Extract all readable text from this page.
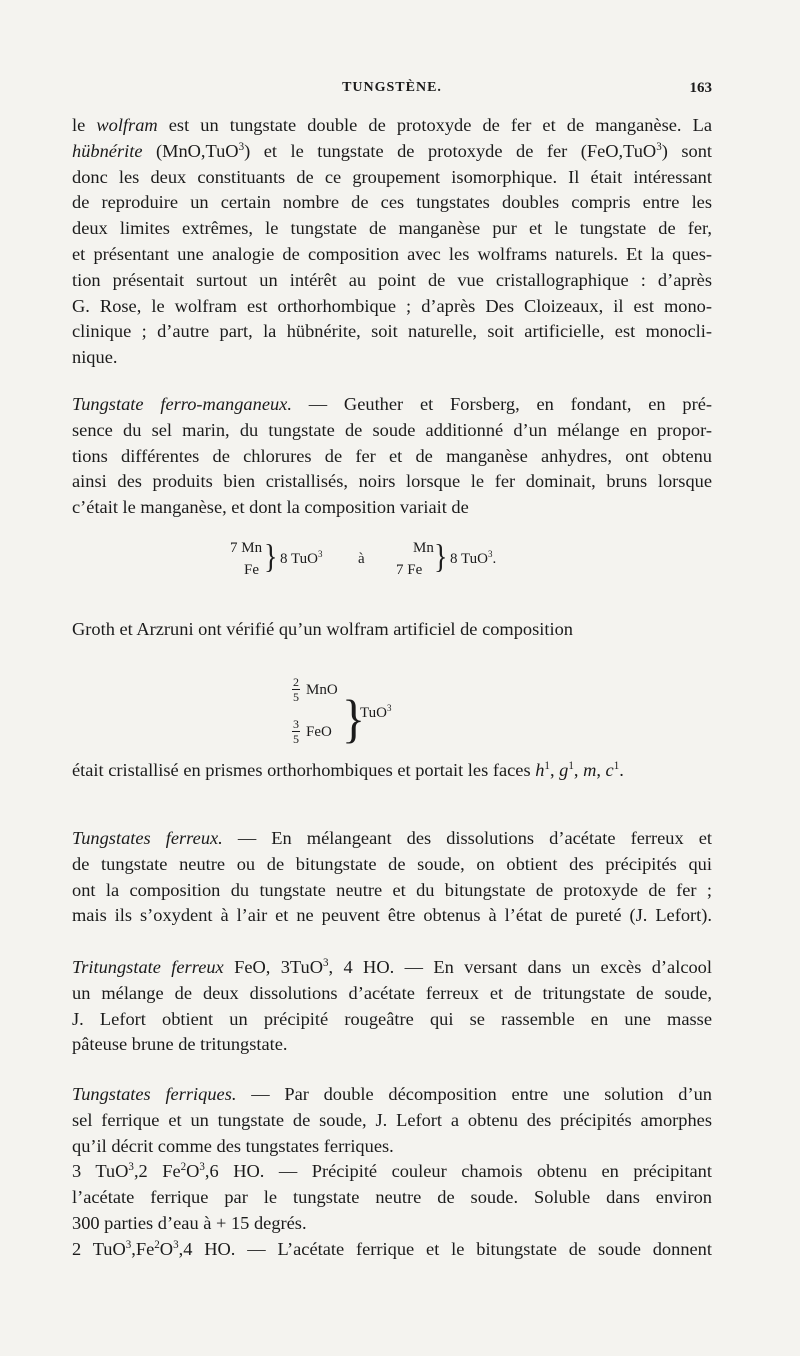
TUNGSTÈNE.	163
le wolfram est un tungstate double de protoxyde de fer et de manganèse. La
hübnérite (MnO,TuO$^3$) et le tungstate de protoxyde de fer (FeO,TuO$^3$) sont
donc les deux constituants de ce groupement isomorphique. Il était intéressant
de reproduire un certain nombre de ces tungstates doubles compris entre les
deux limites extrêmes, le tungstate de manganèse pur et le tungstate de fer,
et présentant une analogie de composition avec les wolframs naturels. Et la ques-
tion présentait surtout un intérêt au point de vue cristallographique : d’après
G. Rose, le wolfram est orthorhombique ; d’après Des Cloizeaux, il est mono-
clinique ; d’autre part, la hübnérite, soit naturelle, soit artificielle, est monocli-
nique.
Tungstate ferro-manganeux. — Geuther et Forsberg, en fondant, en pré-
sence du sel marin, du tungstate de soude additionné d’un mélange en propor-
tions différentes de chlorures de fer et de manganèse anhydres, ont obtenu
ainsi des produits bien cristallisés, noirs lorsque le fer dominait, bruns lorsque
c’était le manganèse, et dont la composition variait de
7 Mn
Fe } 8 TuO$^3$ à
Mn
7 Fe } 8 TuO$^3$.
Groth et Arzruni ont vérifié qu’un wolfram artificiel de composition
2
5 MnO
3
5 FeO }
TuO$^3$
était cristallisé en prismes orthorhombiques et portait les faces $h^1$, $g^1$, m, $c^1$.
Tungstates ferreux. — En mélangeant des dissolutions d’acétate ferreux et
de tungstate neutre ou de bitungstate de soude, on obtient des précipités qui
ont la composition du tungstate neutre et du bitungstate de protoxyde de fer ;
mais ils s’oxydent à l’air et ne peuvent être obtenus à l’état de pureté (J. Lefort).
Tritungstate ferreux FeO, 3TuO$^3$, 4 HO. — En versant dans un excès d’alcool
un mélange de deux dissolutions d’acétate ferreux et de tritungstate de soude,
J. Lefort obtient un précipité rougeâtre qui se rassemble en une masse
pâteuse brune de tritungstate.
Tungstates ferriques. — Par double décomposition entre une solution d’un
sel ferrique et un tungstate de soude, J. Lefort a obtenu des précipités amorphes
qu’il décrit comme des tungstates ferriques.
3 TuO$^3$,2 $Fe^2O^3,6$ HO. — Précipité couleur chamois obtenu en précipitant
l’acétate ferrique par le tungstate neutre de soude. Soluble dans environ
300 parties d’eau à + 15 degrés.
2 $TuO^3,Fe^2O^3,4$ HO. — L’acétate ferrique et le bitungstate de soude donnent
